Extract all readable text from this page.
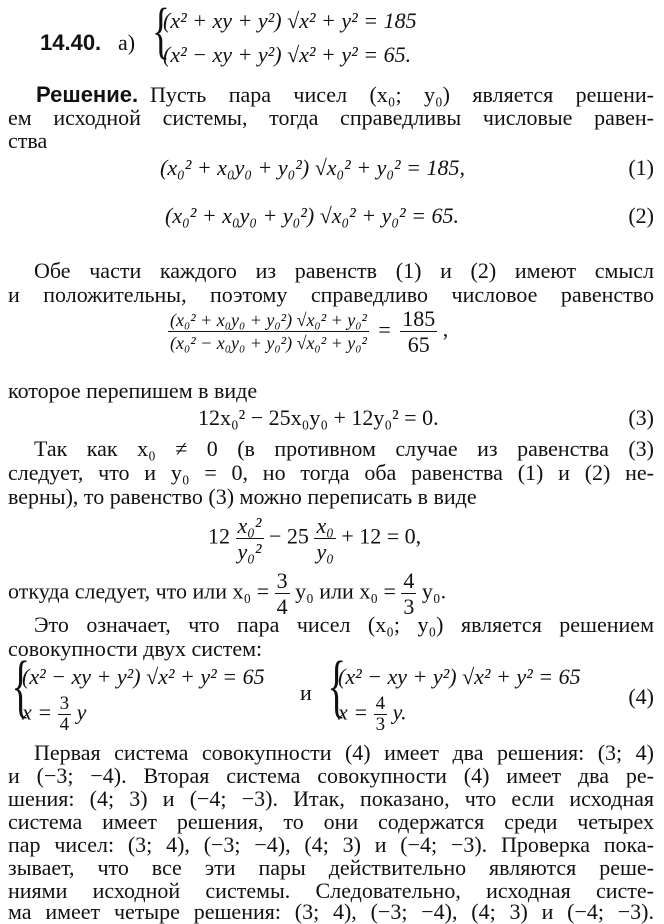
14.40. а) {
(x² + xy + y²) √x² + y² = 185
(x² − xy + y²) √x² + y² = 65.
Решение. Пусть пара чисел (x₀; y₀) является решени-
ем исходной системы, тогда справедливы числовые равен-
ства
(x₀² + x₀y₀ + y₀²) √x₀² + y₀² = 185,	(1)
(x₀² + x₀y₀ + y₀²) √x₀² + y₀² = 65.	(2)
Обе части каждого из равенств (1) и (2) имеют смысл
и положительны, поэтому справедливо числовое равенство
$\frac{\text{(x₀² + x₀y₀ + y₀²) √x₀² + y₀²}}{\text{(x₀² − x₀y₀ + y₀²) √x₀² + y₀²}} = \frac{185}{65}$ ,
которое перепишем в виде
12x₀² − 25x₀y₀ + 12y₀² = 0.	(3)
Так как x₀ ≠ 0 (в противном случае из равенства (3)
следует, что и y₀ = 0, но тогда оба равенства (1) и (2) не-
верны), то равенство (3) можно переписать в виде
$12 \frac{\text{x₀²}}{\text{y₀²}} - 25 \frac{\text{x₀}}{\text{y₀}} + 12 = 0$,
откуда следует, что или $x_0 = \frac{3}{4} y_0$ или $x_0 = \frac{4}{3} y_0$.
Это означает, что пара чисел (x₀; y₀) является решением
совокупности двух систем:
{
(x² − xy + y²) √x² + y² = 65
$x = \frac{3}{4}$ y
и {
(x² − xy + y²) √x² + y² = 65
$x = \frac{4}{3} y$.
(4)
Первая система совокупности (4) имеет два решения: (3; 4)
и (−3; −4). Вторая система совокупности (4) имеет два ре-
шения: (4; 3) и (−4; −3). Итак, показано, что если исходная
система имеет решения, то они содержатся среди четырех
пар чисел: (3; 4), (−3; −4), (4; 3) и (−4; −3). Проверка пока-
зывает, что все эти пары действительно являются реше-
ниями исходной системы. Следовательно, исходная систе-
ма имеет четыре решения: (3; 4), (−3; −4), (4; 3) и (−4; −3).
